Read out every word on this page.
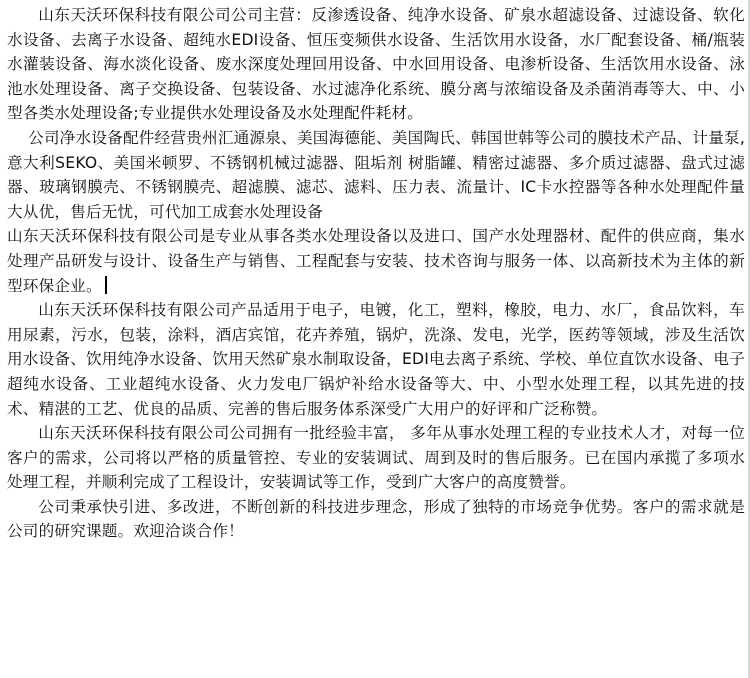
山东天沃环保科技有限公司公司主营：反渗透设备、纯净水设备、矿泉水超滤设备、过滤设备、软化水设备、去离子水设备、超纯水EDI设备、恒压变频供水设备、生活饮用水设备，水厂配套设备、桶/瓶装水灌装设备、海水淡化设备、废水深度处理回用设备、中水回用设备、电渗析设备、生活饮用水设备、泳池水处理设备、离子交换设备、包装设备、水过滤净化系统、膜分离与浓缩设备及杀菌消毒等大、中、小型各类水处理设备;专业提供水处理设备及水处理配件耗材。

公司净水设备配件经营贵州汇通源泉、美国海德能、美国陶氏、韩国世韩等公司的膜技术产品、计量泵,意大利SEKO、美国米顿罗、不锈钢机械过滤器、阻垢剂 树脂罐、精密过滤器、多介质过滤器、盘式过滤器、玻璃钢膜壳、不锈钢膜壳、超滤膜、滤芯、滤料、压力表、流量计、IC卡水控器等各种水处理配件量大从优，售后无忧，可代加工成套水处理设备

山东天沃环保科技有限公司是专业从事各类水处理设备以及进口、国产水处理器材、配件的供应商，集水处理产品研发与设计、设备生产与销售、工程配套与安装、技术咨询与服务一体、以高新技术为主体的新型环保企业。

山东天沃环保科技有限公司产品适用于电子，电镀，化工，塑料，橡胶，电力、水厂，食品饮料，车用尿素，污水，包装，涂料，酒店宾馆，花卉养殖，锅炉，洗涤、发电，光学，医药等领域，涉及生活饮用水设备、饮用纯净水设备、饮用天然矿泉水制取设备，EDI电去离子系统、学校、单位直饮水设备、电子超纯水设备、工业超纯水设备、火力发电厂锅炉补给水设备等大、中、小型水处理工程，以其先进的技术、精湛的工艺、优良的品质、完善的售后服务体系深受广大用户的好评和广泛称赞。

山东天沃环保科技有限公司公司拥有一批经验丰富， 多年从事水处理工程的专业技术人才，对每一位客户的需求，公司将以严格的质量管控、专业的安装调试、周到及时的售后服务。已在国内承揽了多项水处理工程，并顺利完成了工程设计，安装调试等工作，受到广大客户的高度赞誉。

公司秉承快引进、多改进，不断创新的科技进步理念，形成了独特的市场竞争优势。客户的需求就是公司的研究课题。欢迎洽谈合作！
